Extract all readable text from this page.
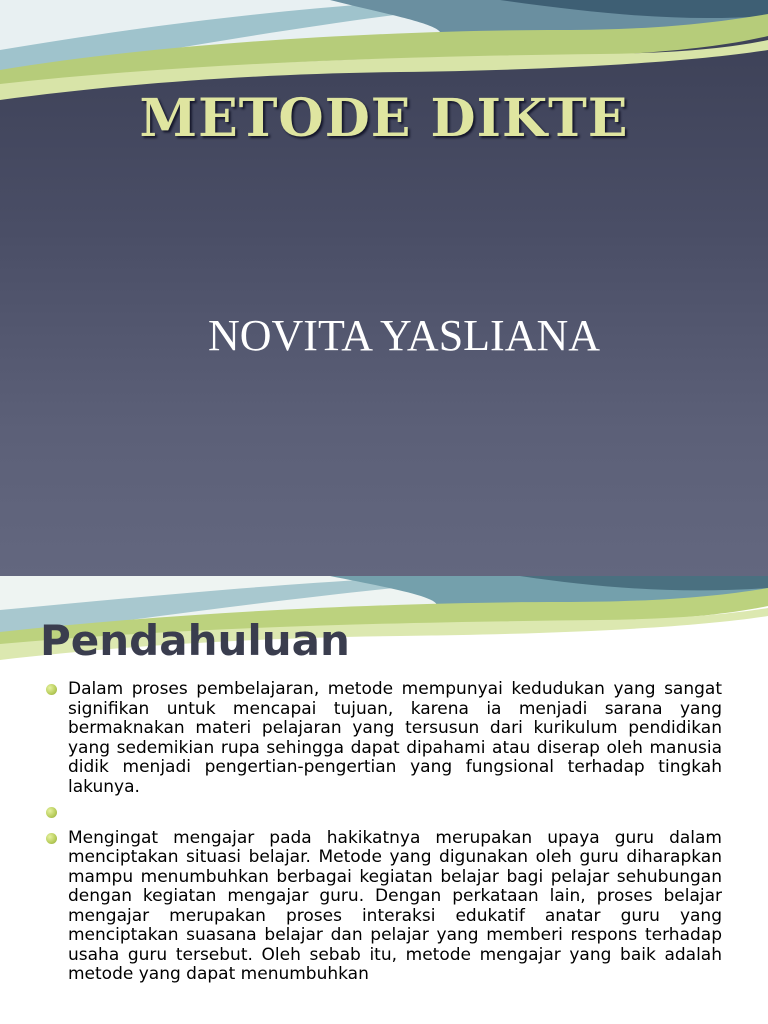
METODE DIKTE
NOVITA YASLIANA
Pendahuluan
Dalam proses pembelajaran, metode mempunyai kedudukan yang sangat signifikan untuk mencapai tujuan, karena ia menjadi sarana yang bermaknakan materi pelajaran yang tersusun dari kurikulum pendidikan yang sedemikian rupa sehingga dapat dipahami atau diserap oleh manusia didik menjadi pengertian-pengertian yang fungsional terhadap tingkah lakunya.
Mengingat mengajar pada hakikatnya merupakan upaya guru dalam menciptakan situasi belajar. Metode yang digunakan oleh guru diharapkan mampu menumbuhkan berbagai kegiatan belajar bagi pelajar sehubungan dengan kegiatan mengajar guru. Dengan perkataan lain, proses belajar mengajar merupakan proses interaksi edukatif anatar guru yang menciptakan suasana belajar dan pelajar yang memberi respons terhadap usaha guru tersebut. Oleh sebab itu, metode mengajar yang baik adalah metode yang dapat menumbuhkan
